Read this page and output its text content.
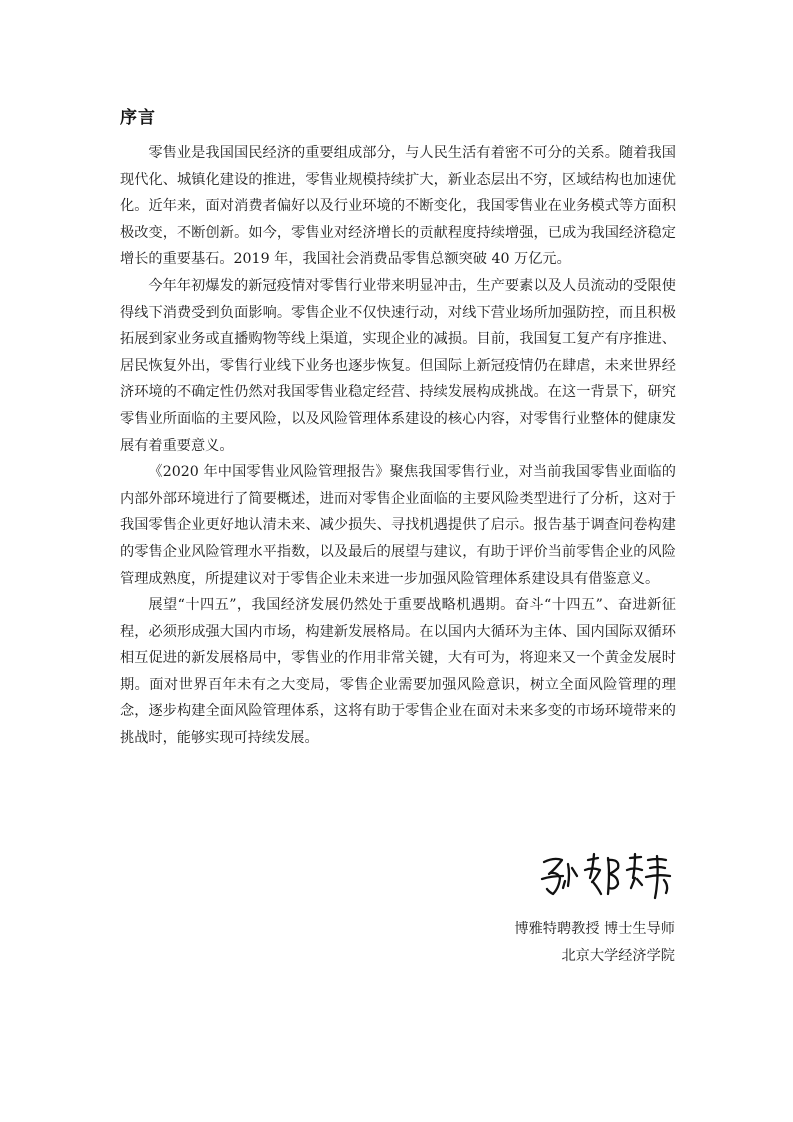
序言

零售业是我国国民经济的重要组成部分，与人民生活有着密不可分的关系。随着我国现代化、城镇化建设的推进，零售业规模持续扩大，新业态层出不穷，区域结构也加速优化。近年来，面对消费者偏好以及行业环境的不断变化，我国零售业在业务模式等方面积极改变，不断创新。如今，零售业对经济增长的贡献程度持续增强，已成为我国经济稳定增长的重要基石。2019 年，我国社会消费品零售总额突破 40 万亿元。

今年年初爆发的新冠疫情对零售行业带来明显冲击，生产要素以及人员流动的受限使得线下消费受到负面影响。零售企业不仅快速行动，对线下营业场所加强防控，而且积极拓展到家业务或直播购物等线上渠道，实现企业的减损。目前，我国复工复产有序推进、居民恢复外出，零售行业线下业务也逐步恢复。但国际上新冠疫情仍在肆虐，未来世界经济环境的不确定性仍然对我国零售业稳定经营、持续发展构成挑战。在这一背景下，研究零售业所面临的主要风险，以及风险管理体系建设的核心内容，对零售行业整体的健康发展有着重要意义。

《2020 年中国零售业风险管理报告》聚焦我国零售行业，对当前我国零售业面临的内部外部环境进行了简要概述，进而对零售企业面临的主要风险类型进行了分析，这对于我国零售企业更好地认清未来、减少损失、寻找机遇提供了启示。报告基于调查问卷构建的零售企业风险管理水平指数，以及最后的展望与建议，有助于评价当前零售企业的风险管理成熟度，所提建议对于零售企业未来进一步加强风险管理体系建设具有借鉴意义。

展望“十四五”，我国经济发展仍然处于重要战略机遇期。奋斗“十四五”、奋进新征程，必须形成强大国内市场，构建新发展格局。在以国内大循环为主体、国内国际双循环相互促进的新发展格局中，零售业的作用非常关键，大有可为，将迎来又一个黄金发展时期。面对世界百年未有之大变局，零售企业需要加强风险意识，树立全面风险管理的理念，逐步构建全面风险管理体系，这将有助于零售企业在面对未来多变的市场环境带来的挑战时，能够实现可持续发展。

博雅特聘教授 博士生导师
北京大学经济学院
